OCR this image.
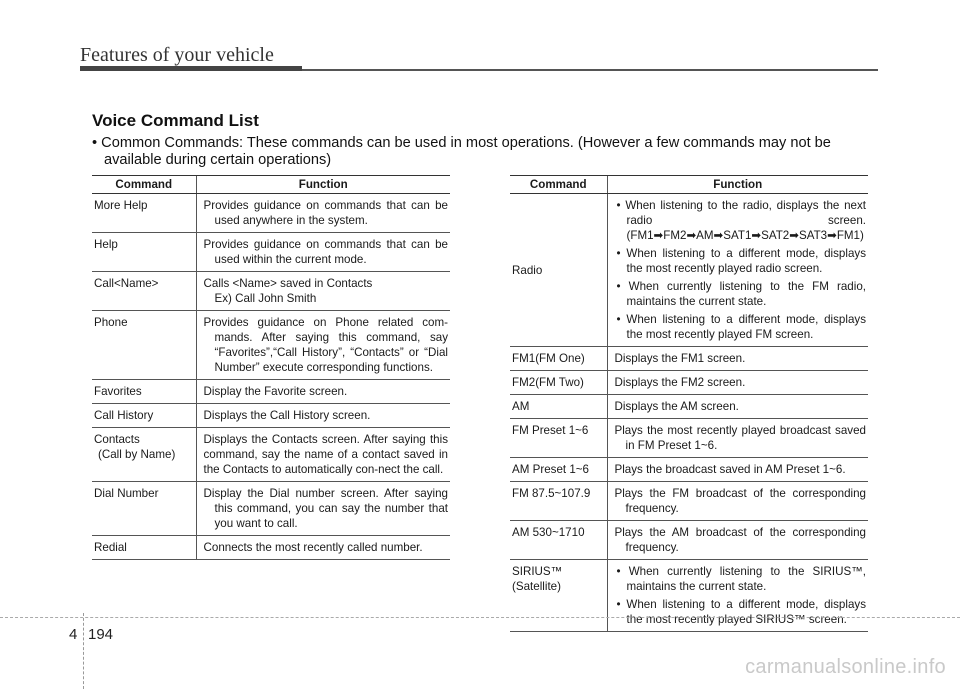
Features of your vehicle
Voice Command List
• Common Commands: These commands can be used in most operations. (However a few commands may not be
available during certain operations)
Command	Function
More Help	Provides guidance on commands that can be used anywhere in the system.

Help	Provides guidance on commands that can be used within the current mode.

Call<Name>	Calls <Name> saved in Contacts
Ex) Call John Smith

Phone	Provides guidance on Phone related com-mands. After saying this command, say “Favorites”,“Call History”, “Contacts” or “Dial Number” execute corresponding functions.

Favorites	Display the Favorite screen.

Call History	Displays the Call History screen.

Contacts
(Call by Name)	Displays the Contacts screen. After saying this command, say the name of a contact saved in the Contacts to automatically con-nect the call.

Dial Number	Display the Dial number screen. After saying this command, you can say the number that you want to call.

Redial	Connects the most recently called number.
Command	Function
Radio	• When listening to the radio, displays the next radio screen. (FM1➡FM2➡AM➡SAT1➡SAT2➡SAT3➡FM1)
• When listening to a different mode, displays the most recently played radio screen.
• When currently listening to the FM radio, maintains the current state.
• When listening to a different mode, displays the most recently played FM screen.

FM1(FM One)	Displays the FM1 screen.

FM2(FM Two)	Displays the FM2 screen.

AM	Displays the AM screen.

FM Preset 1~6	Plays the most recently played broadcast saved in FM Preset 1~6.

AM Preset 1~6	Plays the broadcast saved in AM Preset 1~6.

FM 87.5~107.9	Plays the FM broadcast of the corresponding frequency.

AM 530~1710	Plays the AM broadcast of the corresponding frequency.

SIRIUS™
(Satellite)	• When currently listening to the SIRIUS™, maintains the current state.
• When listening to a different mode, displays the most recently played SIRIUS™ screen.
4 194
carmanualsonline.info
